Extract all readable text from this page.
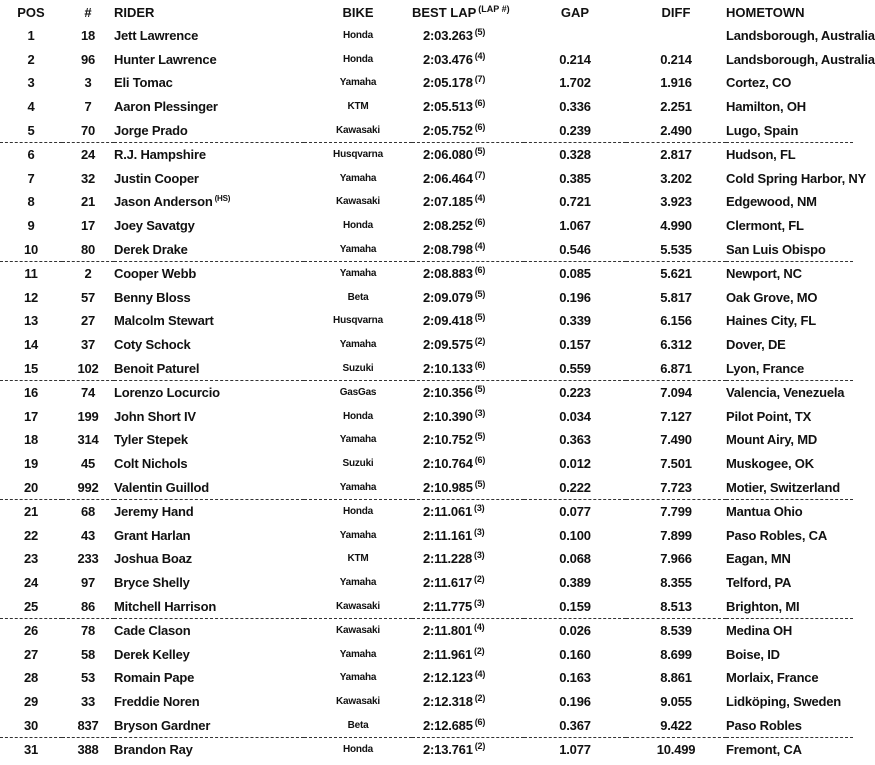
POS	#	RIDER	BIKE	BEST LAP $^{(LAP \#)}$	GAP	DIFF	HOMETOWN
1	18	Jett Lawrence	Honda	2:03.263 $^{(5)}$			Landsborough, Australia
2	96	Hunter Lawrence	Honda	2:03.476 $^{(4)}$	0.214	0.214	Landsborough, Australia
3	3	Eli Tomac	Yamaha	2:05.178 $^{(7)}$	1.702	1.916	Cortez, CO
4	7	Aaron Plessinger	KTM	2:05.513 $^{(6)}$	0.336	2.251	Hamilton, OH
5	70	Jorge Prado	Kawasaki	2:05.752 $^{(6)}$	0.239	2.490	Lugo, Spain
6	24	R.J. Hampshire	Husqvarna	2:06.080 $^{(5)}$	0.328	2.817	Hudson, FL
7	32	Justin Cooper	Yamaha	2:06.464 $^{(7)}$	0.385	3.202	Cold Spring Harbor, NY
8	21	Jason Anderson $^{(HS)}$	Kawasaki	2:07.185 $^{(4)}$	0.721	3.923	Edgewood, NM
9	17	Joey Savatgy	Honda	2:08.252 $^{(6)}$	1.067	4.990	Clermont, FL
10	80	Derek Drake	Yamaha	2:08.798 $^{(4)}$	0.546	5.535	San Luis Obispo
11	2	Cooper Webb	Yamaha	2:08.883 $^{(6)}$	0.085	5.621	Newport, NC
12	57	Benny Bloss	Beta	2:09.079 $^{(5)}$	0.196	5.817	Oak Grove, MO
13	27	Malcolm Stewart	Husqvarna	2:09.418 $^{(5)}$	0.339	6.156	Haines City, FL
14	37	Coty Schock	Yamaha	2:09.575 $^{(2)}$	0.157	6.312	Dover, DE
15	102	Benoit Paturel	Suzuki	2:10.133 $^{(6)}$	0.559	6.871	Lyon, France
16	74	Lorenzo Locurcio	GasGas	2:10.356 $^{(5)}$	0.223	7.094	Valencia, Venezuela
17	199	John Short IV	Honda	2:10.390 $^{(3)}$	0.034	7.127	Pilot Point, TX
18	314	Tyler Stepek	Yamaha	2:10.752 $^{(5)}$	0.363	7.490	Mount Airy, MD
19	45	Colt Nichols	Suzuki	2:10.764 $^{(6)}$	0.012	7.501	Muskogee, OK
20	992	Valentin Guillod	Yamaha	2:10.985 $^{(5)}$	0.222	7.723	Motier, Switzerland
21	68	Jeremy Hand	Honda	2:11.061 $^{(3)}$	0.077	7.799	Mantua Ohio
22	43	Grant Harlan	Yamaha	2:11.161 $^{(3)}$	0.100	7.899	Paso Robles, CA
23	233	Joshua Boaz	KTM	2:11.228 $^{(3)}$	0.068	7.966	Eagan, MN
24	97	Bryce Shelly	Yamaha	2:11.617 $^{(2)}$	0.389	8.355	Telford, PA
25	86	Mitchell Harrison	Kawasaki	2:11.775 $^{(3)}$	0.159	8.513	Brighton, MI
26	78	Cade Clason	Kawasaki	2:11.801 $^{(4)}$	0.026	8.539	Medina OH
27	58	Derek Kelley	Yamaha	2:11.961 $^{(2)}$	0.160	8.699	Boise, ID
28	53	Romain Pape	Yamaha	2:12.123 $^{(4)}$	0.163	8.861	Morlaix, France
29	33	Freddie Noren	Kawasaki	2:12.318 $^{(2)}$	0.196	9.055	Lidköping, Sweden
30	837	Bryson Gardner	Beta	2:12.685 $^{(6)}$	0.367	9.422	Paso Robles
31	388	Brandon Ray	Honda	2:13.761 $^{(2)}$	1.077	10.499	Fremont, CA
